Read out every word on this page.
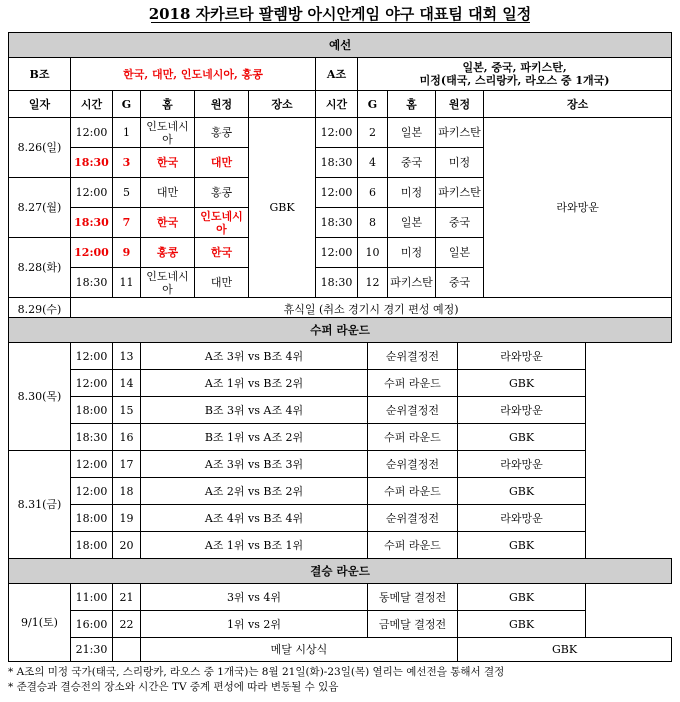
2018 자카르타 팔렘방 아시안게임 야구 대표팀 대회 일정
예선										
B조	한국, 대만, 인도네시아, 홍콩					A조	일본, 중국, 파키스탄,
미정(태국, 스리랑카, 라오스 중 1개국)			

일자	시간	G	홈	원정	장소	시간	G	홈	원정	장소
8.26(일)	12:00	1	인도네시아	홍콩	GBK	12:00	2	일본	파키스탄	라와망운
	18:30	3	한국	대만		18:30	4	중국	미정	
8.27(월)	12:00	5	대만	홍콩		12:00	6	미정	파키스탄	
	18:30	7	한국	인도네시아		18:30	8	일본	중국	
8.28(화)	12:00	9	홍콩	한국		12:00	10	미정	일본	
	18:30	11	인도네시아	대만		18:30	12	파키스탄	중국	
8.29(수)	휴식일 (취소 경기시 경기 편성 예정)									
수퍼 라운드						
8.30(목)	12:00	13	A조 3위 vs B조 4위	순위결정전	라와망운	
	12:00	14	A조 1위 vs B조 2위	수퍼 라운드	GBK	
	18:00	15	B조 3위 vs A조 4위	순위결정전	라와망운	
	18:30	16	B조 1위 vs A조 2위	수퍼 라운드	GBK	
8.31(금)	12:00	17	A조 3위 vs B조 3위	순위결정전	라와망운	
	12:00	18	A조 2위 vs B조 2위	수퍼 라운드	GBK	
	18:00	19	A조 4위 vs B조 4위	순위결정전	라와망운	
	18:00	20	A조 1위 vs B조 1위	수퍼 라운드	GBK	
결승 라운드						
9/1(토)	11:00	21	3위 vs 4위	동메달 결정전	GBK	
	16:00	22	1위 vs 2위	금메달 결정전	GBK	
	21:30		메달 시상식		GBK	
* A조의 미정 국가(태국, 스리랑카, 라오스 중 1개국)는 8월 21일(화)-23일(목) 열리는 예선전을 통해서 결정
* 준결승과 결승전의 장소와 시간은 TV 중계 편성에 따라 변동될 수 있음
